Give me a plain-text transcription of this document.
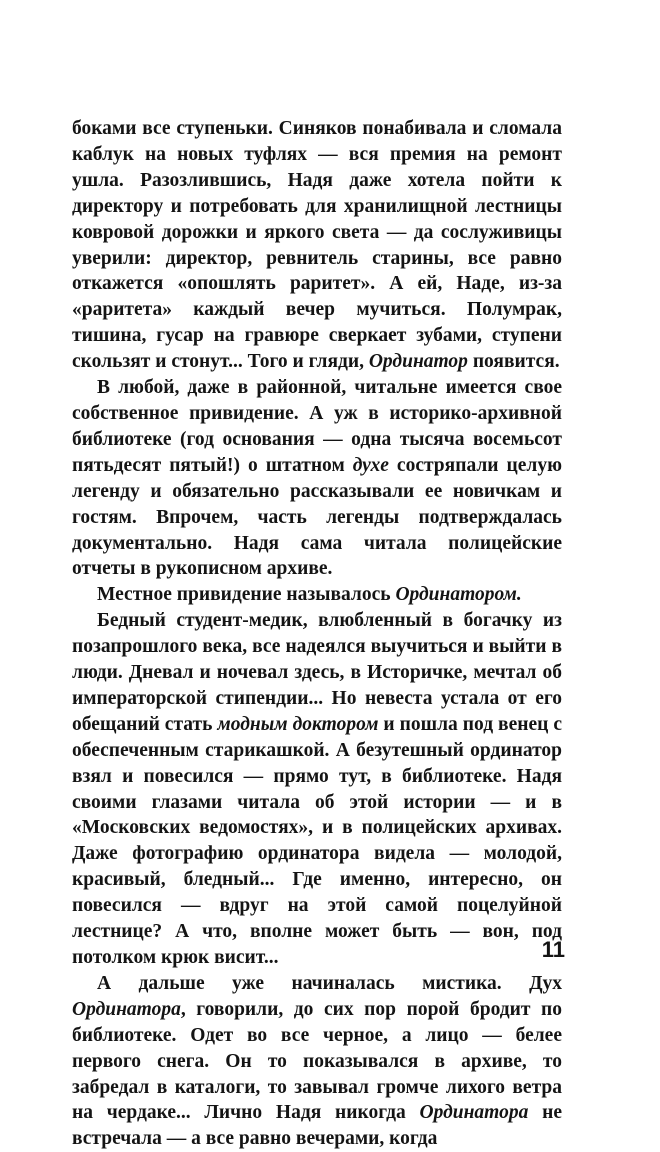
боками все ступеньки. Синяков понабивала и сломала каблук на новых туфлях — вся премия на ремонт ушла. Разозлившись, Надя даже хотела пойти к директору и потребовать для хранилищной лестницы ковровой дорожки и яркого света — да сослуживицы уверили: директор, ревнитель старины, все равно откажется «опошлять раритет». А ей, Наде, из-за «раритета» каждый вечер мучиться. Полумрак, тишина, гусар на гравюре сверкает зубами, ступени скользят и стонут... Того и гляди, Ординатор появится.

В любой, даже в районной, читальне имеется свое собственное привидение. А уж в историко-архивной библиотеке (год основания — одна тысяча восемьсот пятьдесят пятый!) о штатном духе состряпали целую легенду и обязательно рассказывали ее новичкам и гостям. Впрочем, часть легенды подтверждалась документально. Надя сама читала полицейские отчеты в рукописном архиве.

Местное привидение называлось Ординатором.

Бедный студент-медик, влюбленный в богачку из позапрошлого века, все надеялся выучиться и выйти в люди. Дневал и ночевал здесь, в Историчке, мечтал об императорской стипендии... Но невеста устала от его обещаний стать модным доктором и пошла под венец с обеспеченным старикашкой. А безутешный ординатор взял и повесился — прямо тут, в библиотеке. Надя своими глазами читала об этой истории — и в «Московских ведомостях», и в полицейских архивах. Даже фотографию ординатора видела — молодой, красивый, бледный... Где именно, интересно, он повесился — вдруг на этой самой поцелуйной лестнице? А что, вполне может быть — вон, под потолком крюк висит...

А дальше уже начиналась мистика. Дух Ординатора, говорили, до сих пор порой бродит по библиотеке. Одет во все черное, а лицо — белее первого снега. Он то показывался в архиве, то забредал в каталоги, то завывал громче лихого ветра на чердаке... Лично Надя никогда Ординатора не встречала — а все равно вечерами, когда

11
